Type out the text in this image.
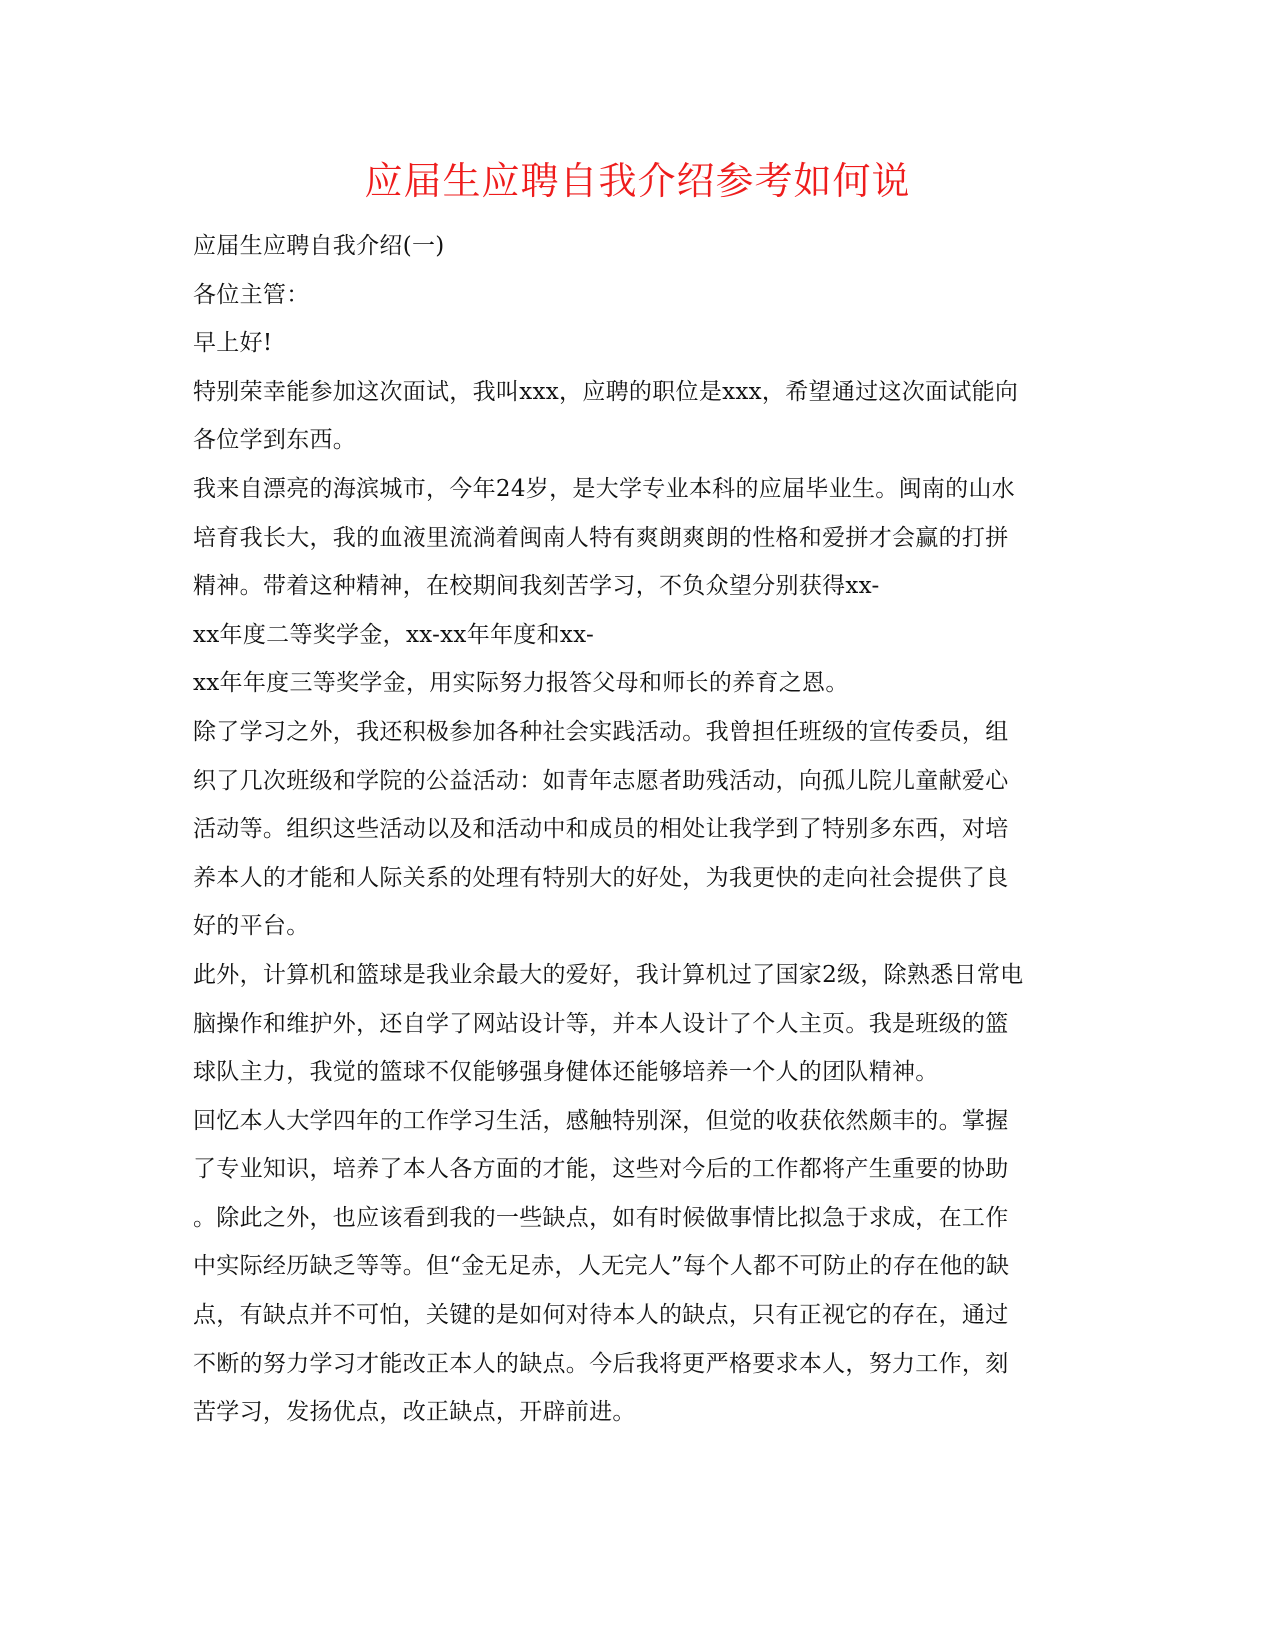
应届生应聘自我介绍参考如何说
应届生应聘自我介绍(一)
各位主管：
早上好!
特别荣幸能参加这次面试，我叫xxx，应聘的职位是xxx，希望通过这次面试能向
各位学到东西。
我来自漂亮的海滨城市，今年24岁，是大学专业本科的应届毕业生。闽南的山水
培育我长大，我的血液里流淌着闽南人特有爽朗爽朗的性格和爱拼才会赢的打拼
精神。带着这种精神，在校期间我刻苦学习，不负众望分别获得xx-
xx年度二等奖学金，xx-xx年年度和xx-
xx年年度三等奖学金，用实际努力报答父母和师长的养育之恩。
除了学习之外，我还积极参加各种社会实践活动。我曾担任班级的宣传委员，组
织了几次班级和学院的公益活动：如青年志愿者助残活动，向孤儿院儿童献爱心
活动等。组织这些活动以及和活动中和成员的相处让我学到了特别多东西，对培
养本人的才能和人际关系的处理有特别大的好处，为我更快的走向社会提供了良
好的平台。
此外，计算机和篮球是我业余最大的爱好，我计算机过了国家2级，除熟悉日常电
脑操作和维护外，还自学了网站设计等，并本人设计了个人主页。我是班级的篮
球队主力，我觉的篮球不仅能够强身健体还能够培养一个人的团队精神。
回忆本人大学四年的工作学习生活，感触特别深，但觉的收获依然颇丰的。掌握
了专业知识，培养了本人各方面的才能，这些对今后的工作都将产生重要的协助
。除此之外，也应该看到我的一些缺点，如有时候做事情比拟急于求成，在工作
中实际经历缺乏等等。但“金无足赤，人无完人”每个人都不可防止的存在他的缺
点，有缺点并不可怕，关键的是如何对待本人的缺点，只有正视它的存在，通过
不断的努力学习才能改正本人的缺点。今后我将更严格要求本人，努力工作，刻
苦学习，发扬优点，改正缺点，开辟前进。
